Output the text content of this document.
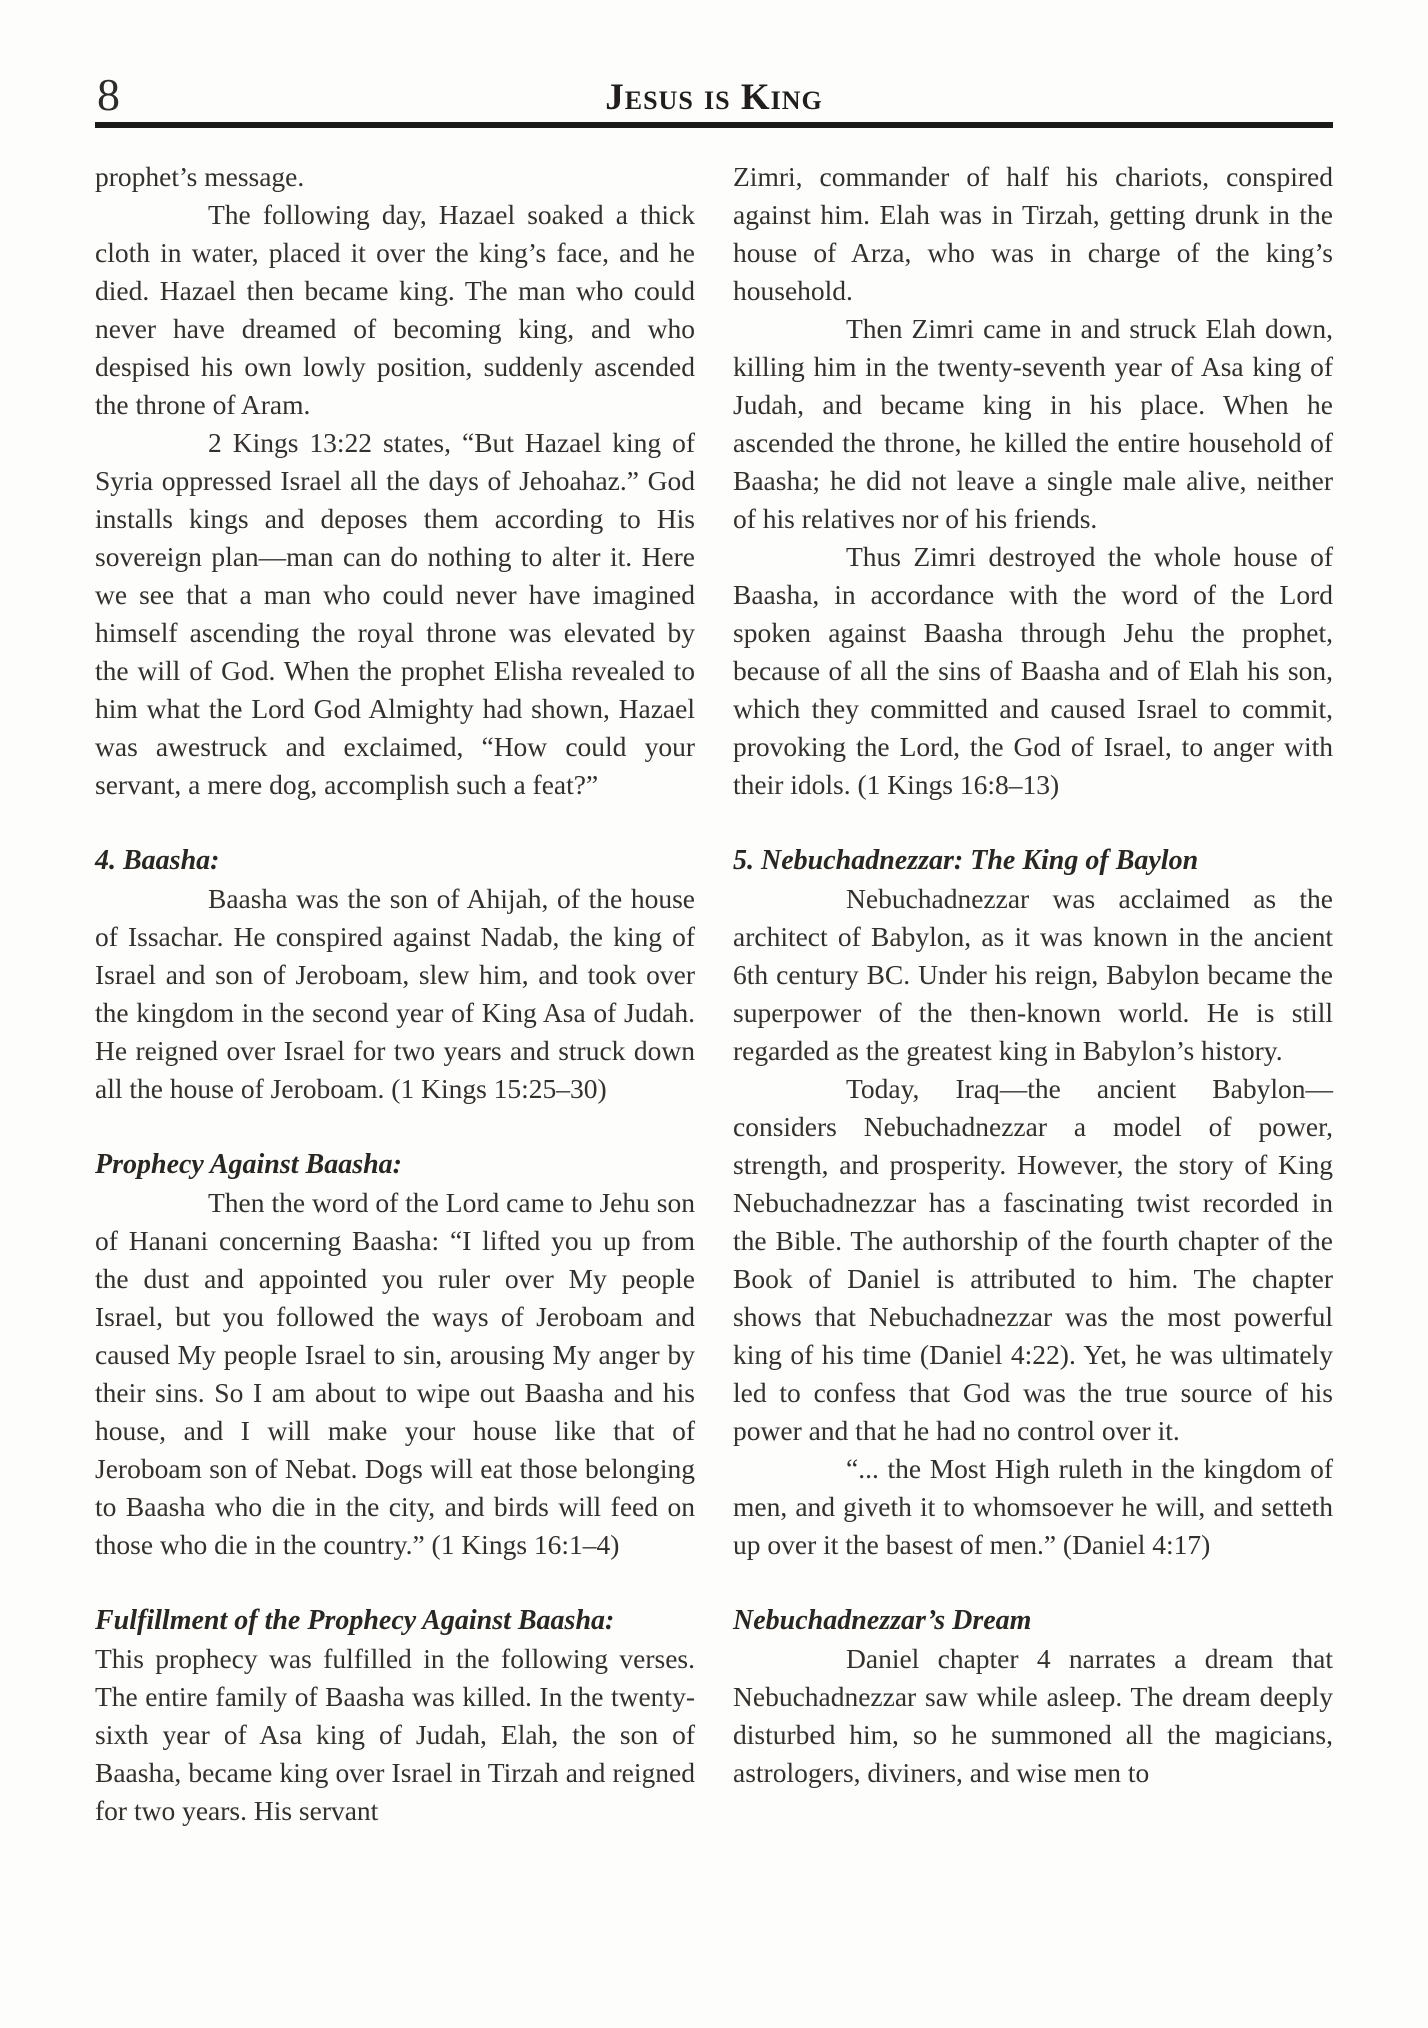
8	Jesus is King

prophet’s message.

The following day, Hazael soaked a thick cloth in water, placed it over the king’s face, and he died. Hazael then became king. The man who could never have dreamed of becoming king, and who despised his own lowly position, suddenly ascended the throne of Aram.

2 Kings 13:22 states, “But Hazael king of Syria oppressed Israel all the days of Jehoahaz.” God installs kings and deposes them according to His sovereign plan—man can do nothing to alter it. Here we see that a man who could never have imagined himself ascending the royal throne was elevated by the will of God. When the prophet Elisha revealed to him what the Lord God Almighty had shown, Hazael was awestruck and exclaimed, “How could your servant, a mere dog, accomplish such a feat?”

4. Baasha:

Baasha was the son of Ahijah, of the house of Issachar. He conspired against Nadab, the king of Israel and son of Jeroboam, slew him, and took over the kingdom in the second year of King Asa of Judah. He reigned over Israel for two years and struck down all the house of Jeroboam. (1 Kings 15:25–30)

Prophecy Against Baasha:

Then the word of the Lord came to Jehu son of Hanani concerning Baasha: “I lifted you up from the dust and appointed you ruler over My people Israel, but you followed the ways of Jeroboam and caused My people Israel to sin, arousing My anger by their sins. So I am about to wipe out Baasha and his house, and I will make your house like that of Jeroboam son of Nebat. Dogs will eat those belonging to Baasha who die in the city, and birds will feed on those who die in the country.” (1 Kings 16:1–4)

Fulfillment of the Prophecy Against Baasha:

This prophecy was fulfilled in the following verses. The entire family of Baasha was killed. In the twenty-sixth year of Asa king of Judah, Elah, the son of Baasha, became king over Israel in Tirzah and reigned for two years. His servant

Zimri, commander of half his chariots, conspired against him. Elah was in Tirzah, getting drunk in the house of Arza, who was in charge of the king’s household.

Then Zimri came in and struck Elah down, killing him in the twenty-seventh year of Asa king of Judah, and became king in his place. When he ascended the throne, he killed the entire household of Baasha; he did not leave a single male alive, neither of his relatives nor of his friends.

Thus Zimri destroyed the whole house of Baasha, in accordance with the word of the Lord spoken against Baasha through Jehu the prophet, because of all the sins of Baasha and of Elah his son, which they committed and caused Israel to commit, provoking the Lord, the God of Israel, to anger with their idols. (1 Kings 16:8–13)

5. Nebuchadnezzar: The King of Baylon

Nebuchadnezzar was acclaimed as the architect of Babylon, as it was known in the ancient 6th century BC. Under his reign, Babylon became the superpower of the then-known world. He is still regarded as the greatest king in Babylon’s history.

Today, Iraq—the ancient Babylon—considers Nebuchadnezzar a model of power, strength, and prosperity. However, the story of King Nebuchadnezzar has a fascinating twist recorded in the Bible. The authorship of the fourth chapter of the Book of Daniel is attributed to him. The chapter shows that Nebuchadnezzar was the most powerful king of his time (Daniel 4:22). Yet, he was ultimately led to confess that God was the true source of his power and that he had no control over it.

“... the Most High ruleth in the kingdom of men, and giveth it to whomsoever he will, and setteth up over it the basest of men.” (Daniel 4:17)

Nebuchadnezzar’s Dream

Daniel chapter 4 narrates a dream that Nebuchadnezzar saw while asleep. The dream deeply disturbed him, so he summoned all the magicians, astrologers, diviners, and wise men to
